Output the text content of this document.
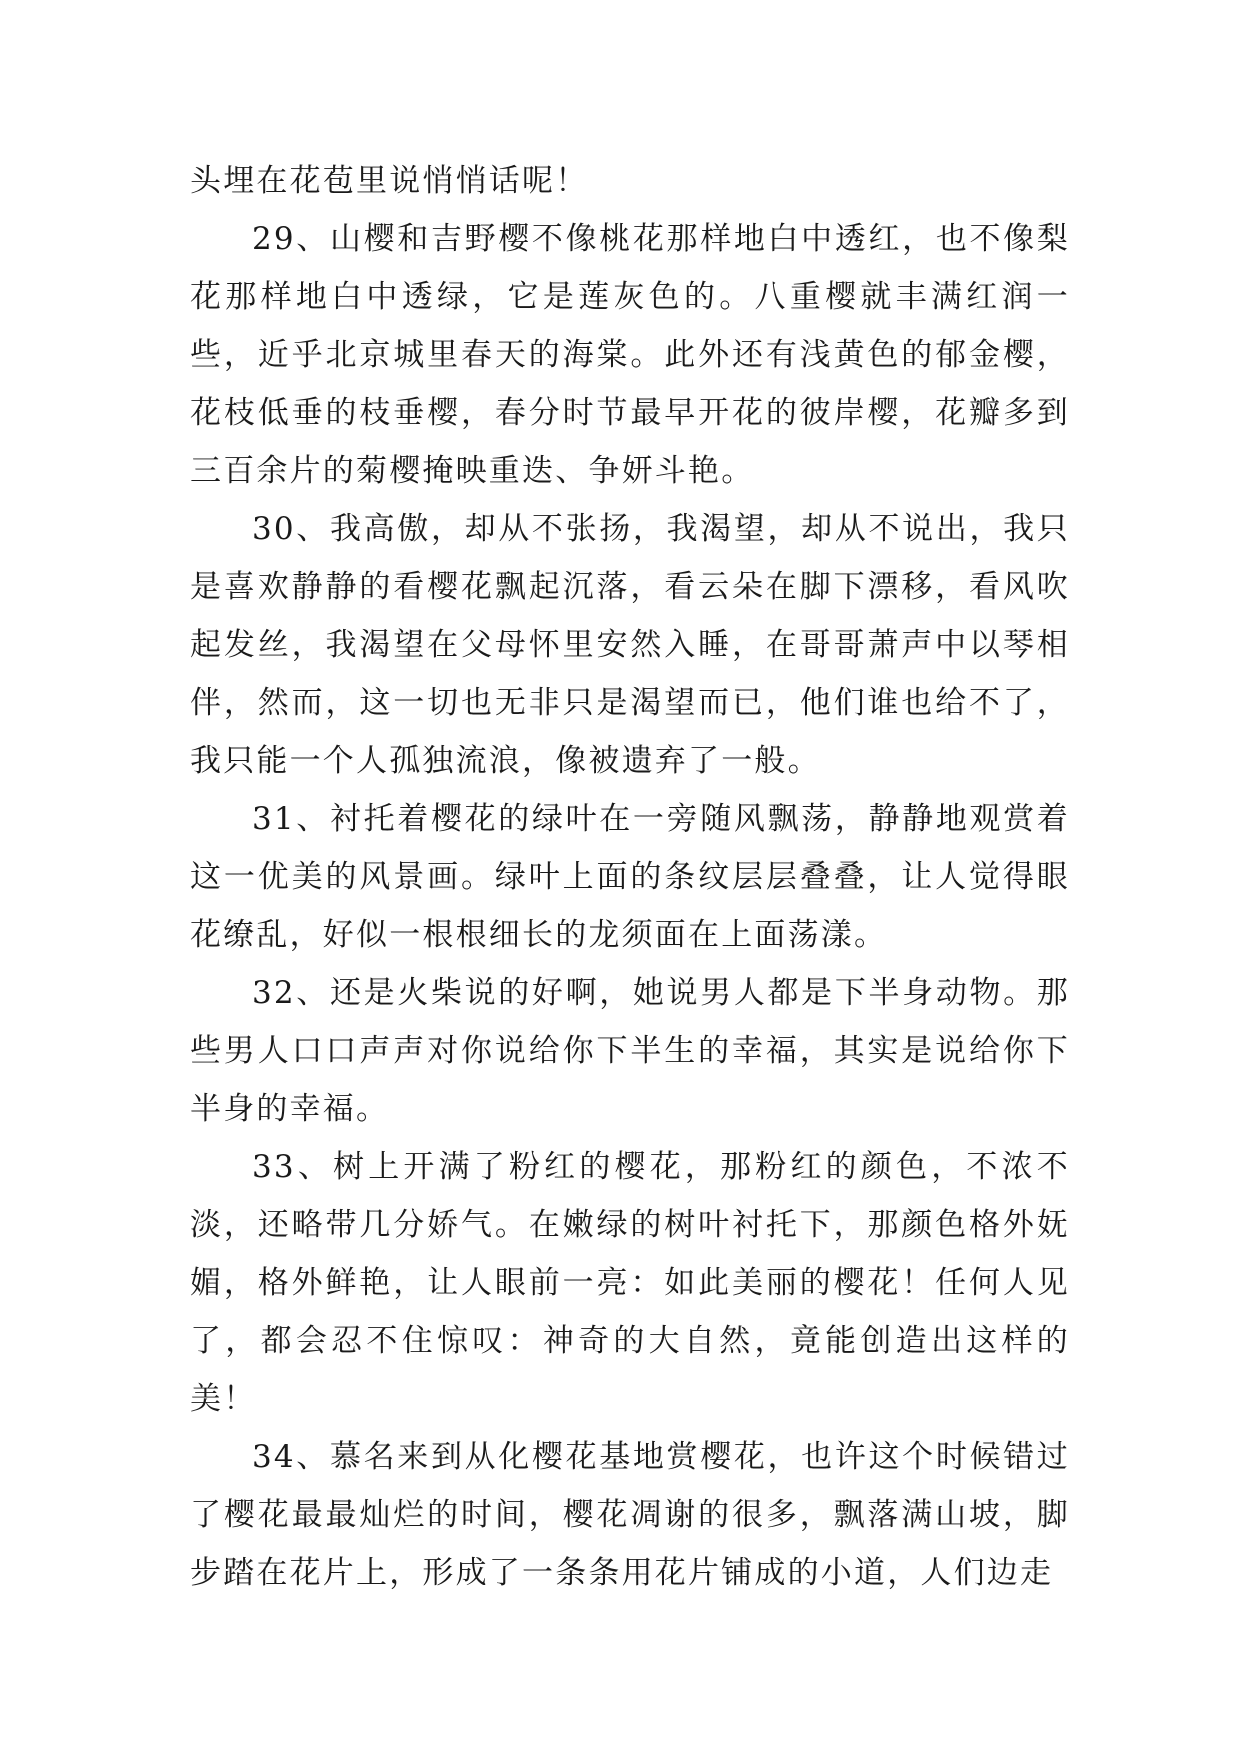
头埋在花苞里说悄悄话呢！

29、山樱和吉野樱不像桃花那样地白中透红，也不像梨花那样地白中透绿，它是莲灰色的。八重樱就丰满红润一些，近乎北京城里春天的海棠。此外还有浅黄色的郁金樱，花枝低垂的枝垂樱，春分时节最早开花的彼岸樱，花瓣多到三百余片的菊樱掩映重迭、争妍斗艳。

30、我高傲，却从不张扬，我渴望，却从不说出，我只是喜欢静静的看樱花飘起沉落，看云朵在脚下漂移，看风吹起发丝，我渴望在父母怀里安然入睡，在哥哥萧声中以琴相伴，然而，这一切也无非只是渴望而已，他们谁也给不了，我只能一个人孤独流浪，像被遗弃了一般。

31、衬托着樱花的绿叶在一旁随风飘荡，静静地观赏着这一优美的风景画。绿叶上面的条纹层层叠叠，让人觉得眼花缭乱，好似一根根细长的龙须面在上面荡漾。

32、还是火柴说的好啊，她说男人都是下半身动物。那些男人口口声声对你说给你下半生的幸福，其实是说给你下半身的幸福。

33、树上开满了粉红的樱花，那粉红的颜色，不浓不淡，还略带几分娇气。在嫩绿的树叶衬托下，那颜色格外妩媚，格外鲜艳，让人眼前一亮：如此美丽的樱花！任何人见了，都会忍不住惊叹：神奇的大自然，竟能创造出这样的美！

34、慕名来到从化樱花基地赏樱花，也许这个时候错过了樱花最最灿烂的时间，樱花凋谢的很多，飘落满山坡，脚步踏在花片上，形成了一条条用花片铺成的小道，人们边走
